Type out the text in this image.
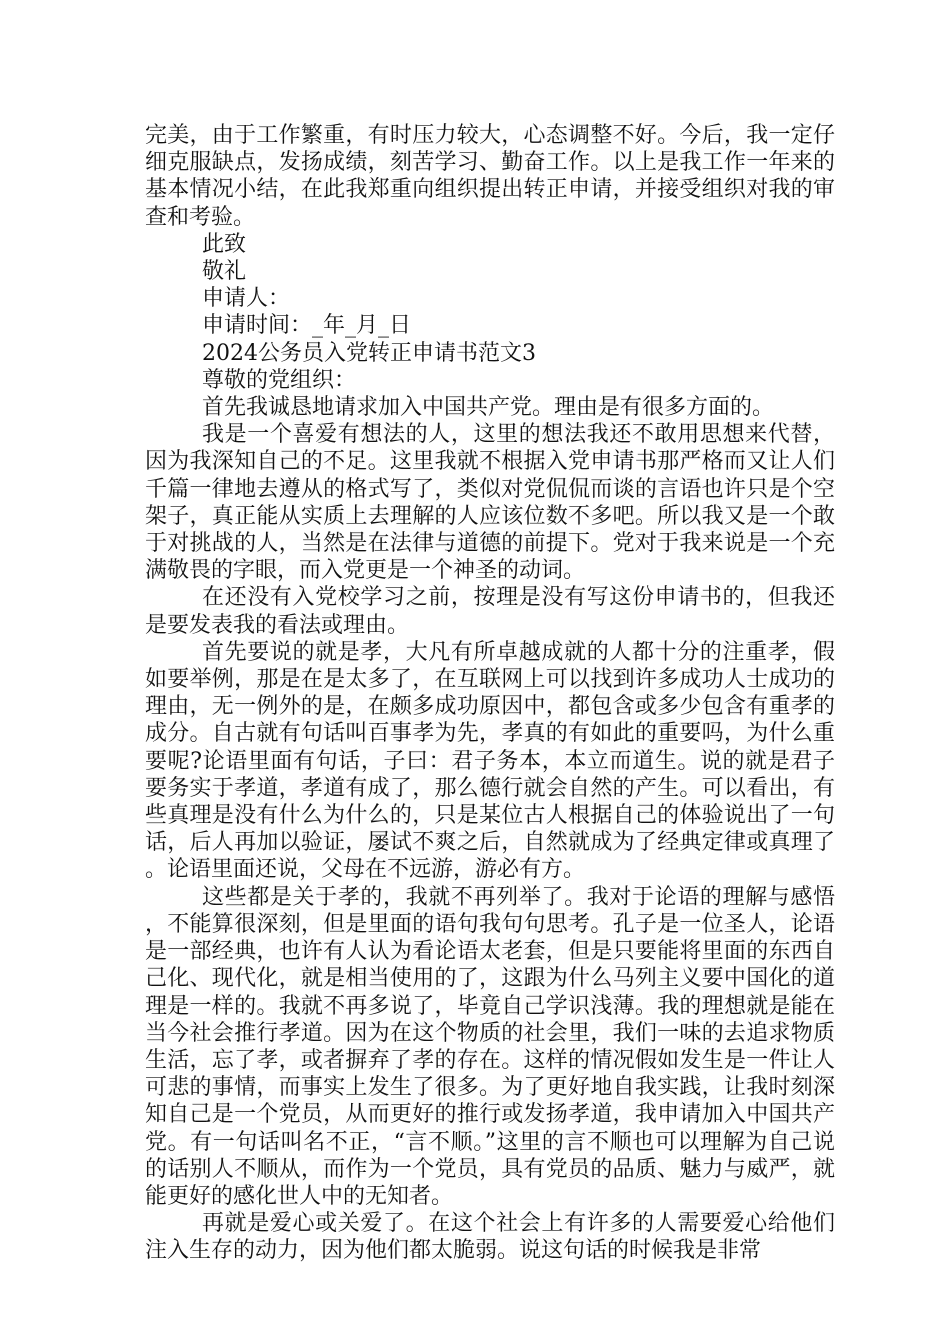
完美，由于工作繁重，有时压力较大，心态调整不好。今后，我一定仔细克服缺点，发扬成绩，刻苦学习、勤奋工作。以上是我工作一年来的基本情况小结，在此我郑重向组织提出转正申请，并接受组织对我的审查和考验。

此致

敬礼

申请人：

申请时间：_年_月_日

2024公务员入党转正申请书范文3

尊敬的党组织：

首先我诚恳地请求加入中国共产党。理由是有很多方面的。

我是一个喜爱有想法的人，这里的想法我还不敢用思想来代替，因为我深知自己的不足。这里我就不根据入党申请书那严格而又让人们千篇一律地去遵从的格式写了，类似对党侃侃而谈的言语也许只是个空架子，真正能从实质上去理解的人应该位数不多吧。所以我又是一个敢于对挑战的人，当然是在法律与道德的前提下。党对于我来说是一个充满敬畏的字眼，而入党更是一个神圣的动词。

在还没有入党校学习之前，按理是没有写这份申请书的，但我还是要发表我的看法或理由。

首先要说的就是孝，大凡有所卓越成就的人都十分的注重孝，假如要举例，那是在是太多了，在互联网上可以找到许多成功人士成功的理由，无一例外的是，在颇多成功原因中，都包含或多少包含有重孝的成分。自古就有句话叫百事孝为先，孝真的有如此的重要吗，为什么重要呢?论语里面有句话，子曰：君子务本，本立而道生。说的就是君子要务实于孝道，孝道有成了，那么德行就会自然的产生。可以看出，有些真理是没有什么为什么的，只是某位古人根据自己的体验说出了一句话，后人再加以验证，屡试不爽之后，自然就成为了经典定律或真理了。论语里面还说，父母在不远游，游必有方。

这些都是关于孝的，我就不再列举了。我对于论语的理解与感悟，不能算很深刻，但是里面的语句我句句思考。孔子是一位圣人，论语是一部经典，也许有人认为看论语太老套，但是只要能将里面的东西自己化、现代化，就是相当使用的了，这跟为什么马列主义要中国化的道理是一样的。我就不再多说了，毕竟自己学识浅薄。我的理想就是能在当今社会推行孝道。因为在这个物质的社会里，我们一味的去追求物质生活，忘了孝，或者摒弃了孝的存在。这样的情况假如发生是一件让人可悲的事情，而事实上发生了很多。为了更好地自我实践，让我时刻深知自己是一个党员，从而更好的推行或发扬孝道，我申请加入中国共产党。有一句话叫名不正，“言不顺。”这里的言不顺也可以理解为自己说的话别人不顺从，而作为一个党员，具有党员的品质、魅力与威严，就能更好的感化世人中的无知者。

再就是爱心或关爱了。在这个社会上有许多的人需要爱心给他们注入生存的动力，因为他们都太脆弱。说这句话的时候我是非常
